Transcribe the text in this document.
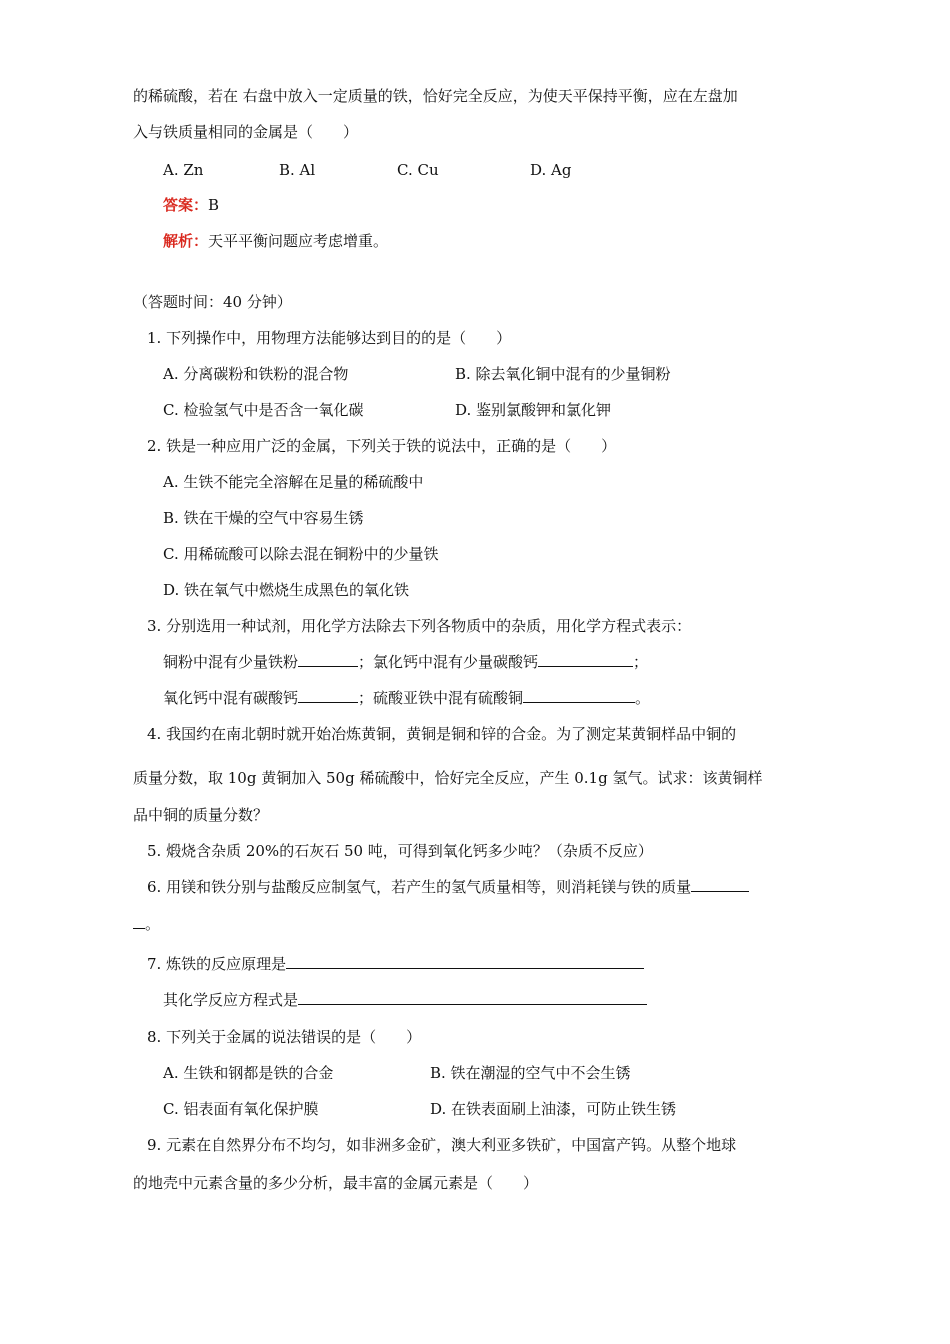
的稀硫酸，若在 右盘中放入一定质量的铁，恰好完全反应，为使天平保持平衡，应在左盘加
入与铁质量相同的金属是（　　）
A. Zn	B. Al	C. Cu	D. Ag
答案：B
解析：天平平衡问题应考虑增重。
（答题时间：40 分钟）
1. 下列操作中，用物理方法能够达到目的的是（　　）
A. 分离碳粉和铁粉的混合物	B. 除去氧化铜中混有的少量铜粉
C. 检验氢气中是否含一氧化碳	D. 鉴别氯酸钾和氯化钾
2. 铁是一种应用广泛的金属，下列关于铁的说法中，正确的是（　　）
A. 生铁不能完全溶解在足量的稀硫酸中
B. 铁在干燥的空气中容易生锈
C. 用稀硫酸可以除去混在铜粉中的少量铁
D. 铁在氧气中燃烧生成黑色的氧化铁
3. 分别选用一种试剂，用化学方法除去下列各物质中的杂质，用化学方程式表示：
铜粉中混有少量铁粉	；氯化钙中混有少量碳酸钙	；
氧化钙中混有碳酸钙	；硫酸亚铁中混有硫酸铜	。
4. 我国约在南北朝时就开始冶炼黄铜，黄铜是铜和锌的合金。为了测定某黄铜样品中铜的
质量分数，取 10g 黄铜加入 50g 稀硫酸中，恰好完全反应，产生 0.1g 氢气。试求：该黄铜样
品中铜的质量分数？
5. 煅烧含杂质 20%的石灰石 50 吨，可得到氧化钙多少吨？（杂质不反应）
6. 用镁和铁分别与盐酸反应制氢气，若产生的氢气质量相等，则消耗镁与铁的质量
。
7. 炼铁的反应原理是
其化学反应方程式是
8. 下列关于金属的说法错误的是（　　）
A. 生铁和钢都是铁的合金	B. 铁在潮湿的空气中不会生锈
C. 铝表面有氧化保护膜	D. 在铁表面刷上油漆，可防止铁生锈
9. 元素在自然界分布不均匀，如非洲多金矿，澳大利亚多铁矿，中国富产钨。从整个地球
的地壳中元素含量的多少分析，最丰富的金属元素是（　　）
